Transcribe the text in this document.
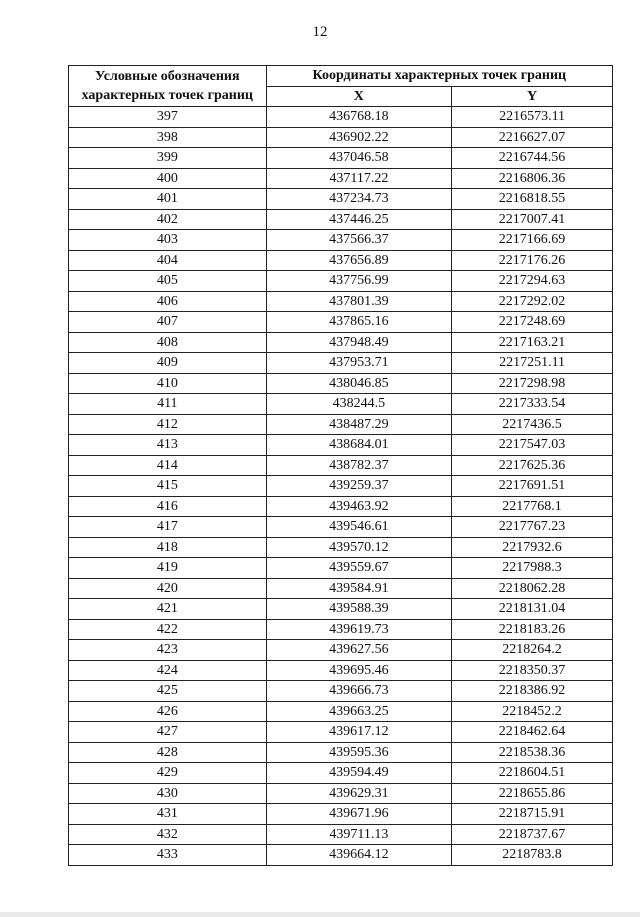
12
Условные обозначения характерных точек границ	Координаты характерных точек границ	
	X	Y
397	436768.18	2216573.11
398	436902.22	2216627.07
399	437046.58	2216744.56
400	437117.22	2216806.36
401	437234.73	2216818.55
402	437446.25	2217007.41
403	437566.37	2217166.69
404	437656.89	2217176.26
405	437756.99	2217294.63
406	437801.39	2217292.02
407	437865.16	2217248.69
408	437948.49	2217163.21
409	437953.71	2217251.11
410	438046.85	2217298.98
411	438244.5	2217333.54
412	438487.29	2217436.5
413	438684.01	2217547.03
414	438782.37	2217625.36
415	439259.37	2217691.51
416	439463.92	2217768.1
417	439546.61	2217767.23
418	439570.12	2217932.6
419	439559.67	2217988.3
420	439584.91	2218062.28
421	439588.39	2218131.04
422	439619.73	2218183.26
423	439627.56	2218264.2
424	439695.46	2218350.37
425	439666.73	2218386.92
426	439663.25	2218452.2
427	439617.12	2218462.64
428	439595.36	2218538.36
429	439594.49	2218604.51
430	439629.31	2218655.86
431	439671.96	2218715.91
432	439711.13	2218737.67
433	439664.12	2218783.8
